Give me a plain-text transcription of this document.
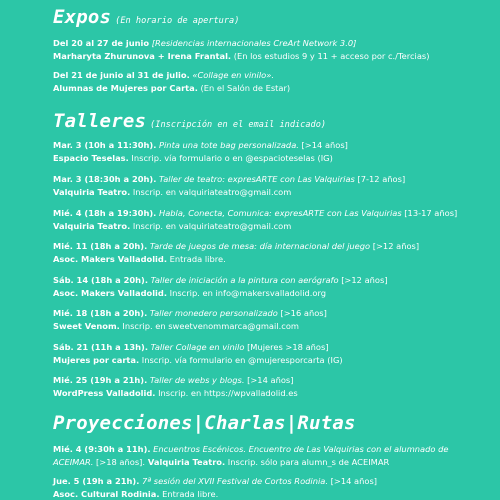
Expos (En horario de apertura)
Del 20 al 27 de junio [Residencias internacionales CreArt Network 3.0]
Marharyta Zhurunova + Irena Frantal. (En los estudios 9 y 11 + acceso por c./Tercias)
Del 21 de junio al 31 de julio. «Collage en vinilo».
Alumnas de Mujeres por Carta. (En el Salón de Estar)
Talleres (Inscripción en el email indicado)
Mar. 3 (10h a 11:30h). Pinta una tote bag personalizada. [>14 años]
Espacio Teselas. Inscrip. vía formulario o en @espacioteselas (IG)
Mar. 3 (18:30h a 20h). Taller de teatro: expresARTE con Las Valquirias [7-12 años]
Valquiria Teatro. Inscrip. en valquiriateatro@gmail.com
Mié. 4 (18h a 19:30h). Habla, Conecta, Comunica: expresARTE con Las Valquirias [13-17 años]
Valquiria Teatro. Inscrip. en valquiriateatro@gmail.com
Mié. 11 (18h a 20h). Tarde de juegos de mesa: día internacional del juego [>12 años]
Asoc. Makers Valladolid. Entrada libre.
Sáb. 14 (18h a 20h). Taller de iniciación a la pintura con aerógrafo [>12 años]
Asoc. Makers Valladolid. Inscrip. en info@makersvalladolid.org
Mié. 18 (18h a 20h). Taller monedero personalizado [>16 años]
Sweet Venom. Inscrip. en sweetvenommarca@gmail.com
Sáb. 21 (11h a 13h). Taller Collage en vinilo [Mujeres >18 años]
Mujeres por carta. Inscrip. vía formulario en @mujeresporcarta (IG)
Mié. 25 (19h a 21h). Taller de webs y blogs. [>14 años]
WordPress Valladolid. Inscrip. en https://wpvalladolid.es
Proyecciones|Charlas|Rutas
Mié. 4 (9:30h a 11h). Encuentros Escénicos. Encuentro de Las Valquirias con el alumnado de
ACEIMAR. [>18 años]. Valquiria Teatro. Inscrip. sólo para alumn_s de ACEIMAR
Jue. 5 (19h a 21h). 7ª sesión del XVII Festival de Cortos Rodinia. [>14 años]
Asoc. Cultural Rodinia. Entrada libre.
